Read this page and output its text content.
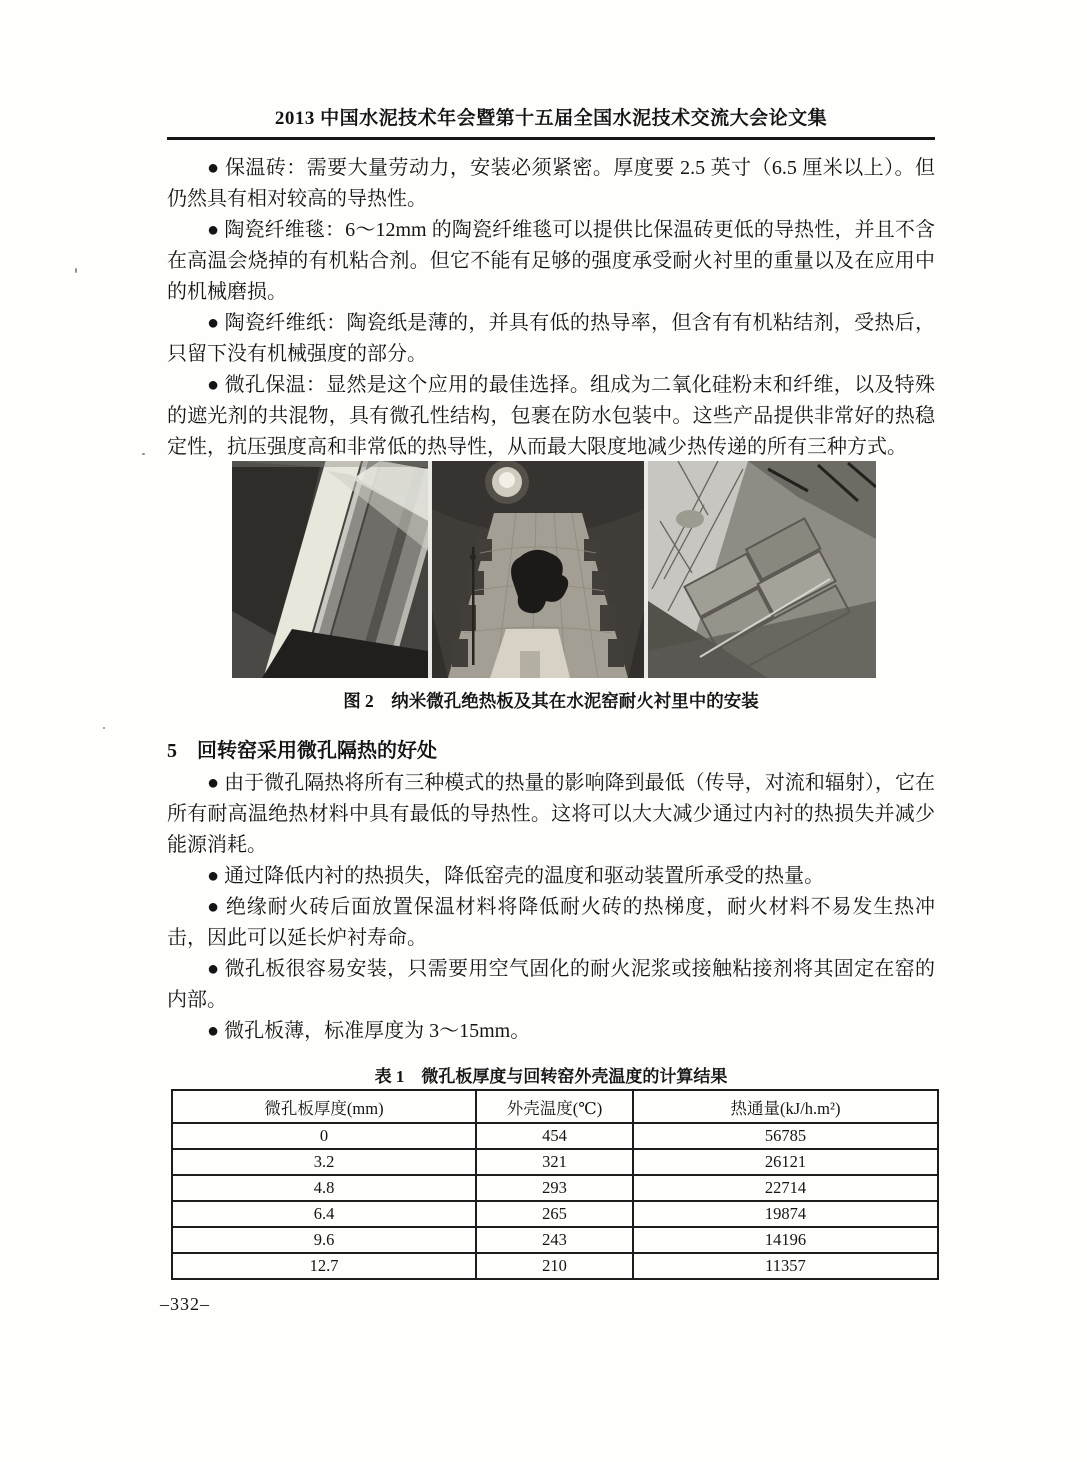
2013 中国水泥技术年会暨第十五届全国水泥技术交流大会论文集

● 保温砖：需要大量劳动力，安装必须紧密。厚度要 2.5 英寸（6.5 厘米以上）。但仍然具有相对较高的导热性。

● 陶瓷纤维毯：6～12mm 的陶瓷纤维毯可以提供比保温砖更低的导热性，并且不含在高温会烧掉的有机粘合剂。但它不能有足够的强度承受耐火衬里的重量以及在应用中的机械磨损。

● 陶瓷纤维纸：陶瓷纸是薄的，并具有低的热导率，但含有有机粘结剂，受热后，只留下没有机械强度的部分。

● 微孔保温：显然是这个应用的最佳选择。组成为二氧化硅粉末和纤维，以及特殊的遮光剂的共混物，具有微孔性结构，包裹在防水包装中。这些产品提供非常好的热稳定性，抗压强度高和非常低的热导性，从而最大限度地减少热传递的所有三种方式。

图 2　纳米微孔绝热板及其在水泥窑耐火衬里中的安装
5　回转窑采用微孔隔热的好处

● 由于微孔隔热将所有三种模式的热量的影响降到最低（传导，对流和辐射），它在所有耐高温绝热材料中具有最低的导热性。这将可以大大减少通过内衬的热损失并减少能源消耗。

● 通过降低内衬的热损失，降低窑壳的温度和驱动装置所承受的热量。

● 绝缘耐火砖后面放置保温材料将降低耐火砖的热梯度，耐火材料不易发生热冲击，因此可以延长炉衬寿命。

● 微孔板很容易安装，只需要用空气固化的耐火泥浆或接触粘接剂将其固定在窑的内部。

● 微孔板薄，标准厚度为 3～15mm。

表 1　微孔板厚度与回转窑外壳温度的计算结果
微孔板厚度(mm)	外壳温度(℃)	热通量(kJ/h.m²)
0	454	56785
3.2	321	26121
4.8	293	22714
6.4	265	19874
9.6	243	14196
12.7	210	11357
–332–
